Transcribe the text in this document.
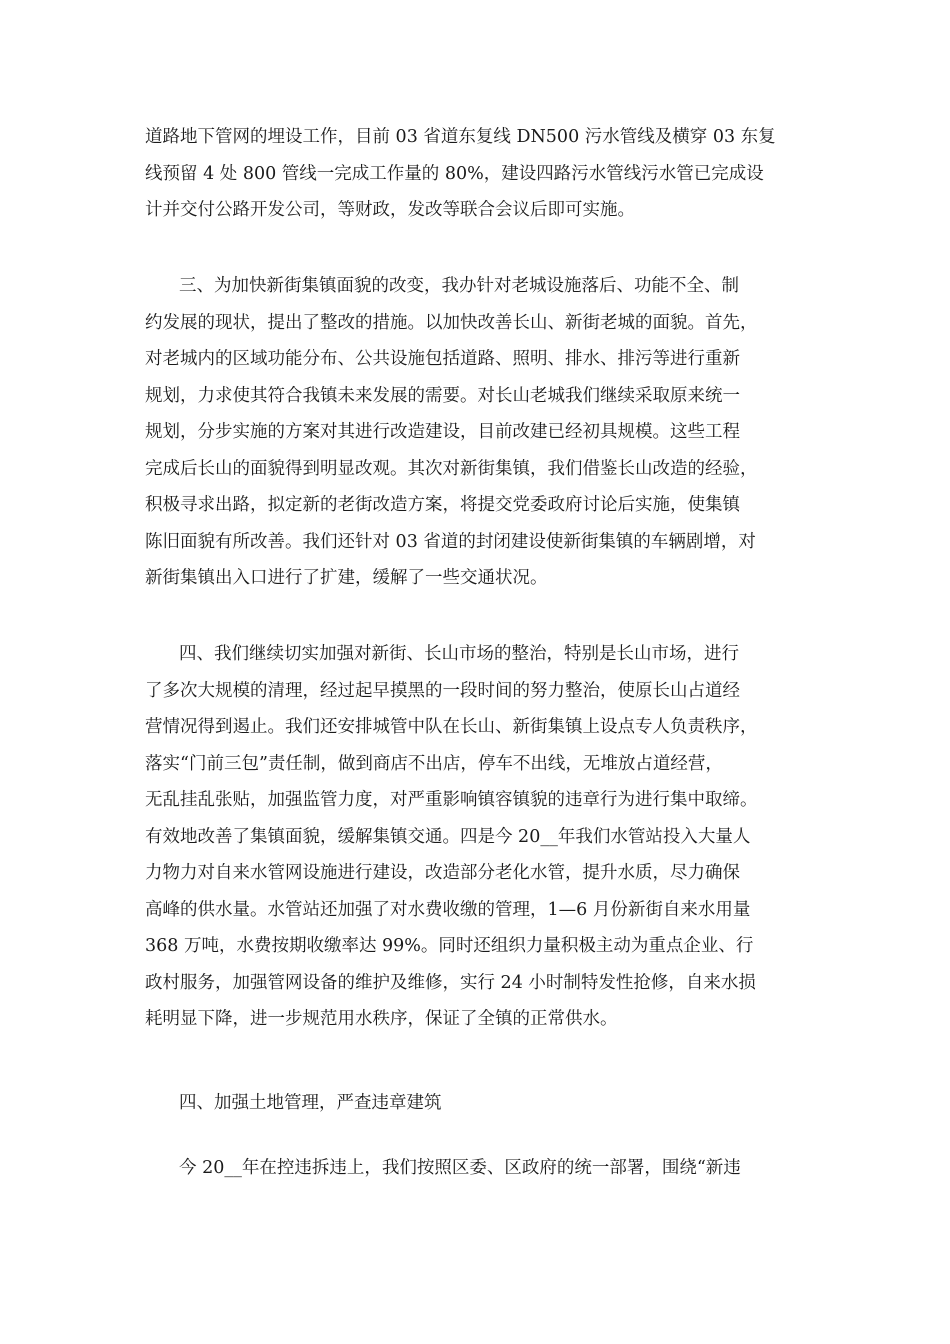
道路地下管网的埋设工作，目前 03 省道东复线 DN500 污水管线及横穿 03 东复
线预留 4 处 800 管线一完成工作量的 80%，建设四路污水管线污水管已完成设
计并交付公路开发公司，等财政，发改等联合会议后即可实施。
三、为加快新街集镇面貌的改变，我办针对老城设施落后、功能不全、制
约发展的现状，提出了整改的措施。以加快改善长山、新街老城的面貌。首先，
对老城内的区域功能分布、公共设施包括道路、照明、排水、排污等进行重新
规划，力求使其符合我镇未来发展的需要。对长山老城我们继续采取原来统一
规划，分步实施的方案对其进行改造建设，目前改建已经初具规模。这些工程
完成后长山的面貌得到明显改观。其次对新街集镇，我们借鉴长山改造的经验，
积极寻求出路，拟定新的老街改造方案，将提交党委政府讨论后实施，使集镇
陈旧面貌有所改善。我们还针对 03 省道的封闭建设使新街集镇的车辆剧增，对
新街集镇出入口进行了扩建，缓解了一些交通状况。
四、我们继续切实加强对新街、长山市场的整治，特别是长山市场，进行
了多次大规模的清理，经过起早摸黑的一段时间的努力整治，使原长山占道经
营情况得到遏止。我们还安排城管中队在长山、新街集镇上设点专人负责秩序，
落实“门前三包”责任制，做到商店不出店，停车不出线，无堆放占道经营，
无乱挂乱张贴，加强监管力度，对严重影响镇容镇貌的违章行为进行集中取缔。
有效地改善了集镇面貌，缓解集镇交通。四是今 20__年我们水管站投入大量人
力物力对自来水管网设施进行建设，改造部分老化水管，提升水质，尽力确保
高峰的供水量。水管站还加强了对水费收缴的管理，1—6 月份新街自来水用量
368 万吨，水费按期收缴率达 99%。同时还组织力量积极主动为重点企业、行
政村服务，加强管网设备的维护及维修，实行 24 小时制特发性抢修，自来水损
耗明显下降，进一步规范用水秩序，保证了全镇的正常供水。
四、加强土地管理，严查违章建筑
今 20__年在控违拆违上，我们按照区委、区政府的统一部署，围绕“新违
